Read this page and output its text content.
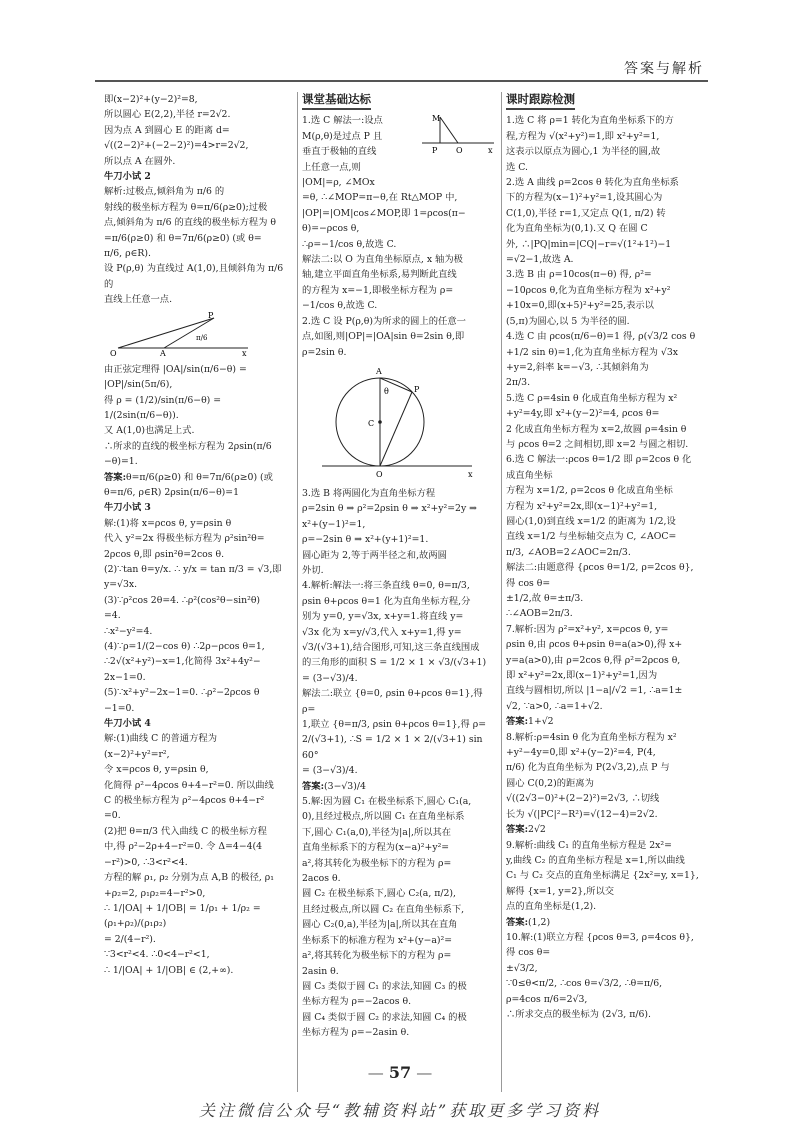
答案与解析

即(x−2)²+(y−2)²=8,

所以圆心 E(2,2),半径 r=2√2.

因为点 A 到圆心 E 的距离 d=

√((2−2)²+(−2−2)²)=4>r=2√2,

所以点 A 在圆外.

牛刀小试 2

解析:过极点,倾斜角为 π/6 的

射线的极坐标方程为 θ=π/6(ρ≥0);过极

点,倾斜角为 π/6 的直线的极坐标方程为 θ

=π/6(ρ≥0) 和 θ=7π/6(ρ≥0) (或 θ=

π/6, ρ∈R).

设 P(ρ,θ) 为直线过 A(1,0),且倾斜角为 π/6 的

直线上任意一点.

P
π/6
O	A	x

由正弦定理得 |OA|/sin(π/6−θ) = |OP|/sin(5π/6),

得 ρ = (1/2)/sin(π/6−θ) = 1/(2sin(π/6−θ)).

又 A(1,0)也满足上式.

∴所求的直线的极坐标方程为 2ρsin(π/6

−θ)=1.

答案:θ=π/6(ρ≥0) 和 θ=7π/6(ρ≥0) (或 θ=π/6, ρ∈R) 2ρsin(π/6−θ)=1

牛刀小试 3

解:(1)将 x=ρcos θ, y=ρsin θ

代入 y²=2x 得极坐标方程为 ρ²sin²θ=

2ρcos θ,即 ρsin²θ=2cos θ.

(2)∵tan θ=y/x. ∴ y/x = tan π/3 = √3,即

y=√3x.

(3)∵ρ²cos 2θ=4. ∴ρ²(cos²θ−sin²θ)

=4.

∴x²−y²=4.

(4)∵ρ=1/(2−cos θ) ∴2ρ−ρcos θ=1,

∴2√(x²+y²)−x=1,化简得 3x²+4y²−

2x−1=0.

(5)∵x²+y²−2x−1=0. ∴ρ²−2ρcos θ

−1=0.

牛刀小试 4

解:(1)曲线 C 的普通方程为

(x−2)²+y²=r²,

令 x=ρcos θ, y=ρsin θ,

化简得 ρ²−4ρcos θ+4−r²=0. 所以曲线

C 的极坐标方程为 ρ²−4ρcos θ+4−r²

=0.

(2)把 θ=π/3 代入曲线 C 的极坐标方程

中,得 ρ²−2ρ+4−r²=0. 令 Δ=4−4(4

−r²)>0, ∴3<r²<4.

方程的解 ρ₁, ρ₂ 分别为点 A,B 的极径, ρ₁

+ρ₂=2, ρ₁ρ₂=4−r²>0,

∴ 1/|OA| + 1/|OB| = 1/ρ₁ + 1/ρ₂ = (ρ₁+ρ₂)/(ρ₁ρ₂)

= 2/(4−r²).

∵3<r²<4. ∴0<4−r²<1,

∴ 1/|OA| + 1/|OB| ∈ (2,+∞).

课堂基础达标
M
P O	x

1.选 C 解法一:设点

M(ρ,θ)是过点 P 且

垂直于极轴的直线

上任意一点,则

|OM|=ρ, ∠MOx

=θ, ∴∠MOP=π−θ,在 Rt△MOP 中,

|OP|=|OM|cos∠MOP,即 1=ρcos(π−

θ)=−ρcos θ,

∴ρ=−1/cos θ,故选 C.

解法二:以 O 为直角坐标原点, x 轴为极

轴,建立平面直角坐标系,易判断此直线

的方程为 x=−1,即极坐标方程为 ρ=

−1/cos θ,故选 C.

2.选 C 设 P(ρ,θ)为所求的圆上的任意一

点,如图,则|OP|=|OA|sin θ=2sin θ,即

ρ=2sin θ.

A
P
θ
C
O	x

3.选 B 将两圆化为直角坐标方程

ρ=2sin θ ⇒ ρ²=2ρsin θ ⇒ x²+y²=2y ⇒

x²+(y−1)²=1,

ρ=−2sin θ ⇒ x²+(y+1)²=1.

圆心距为 2,等于两半径之和,故两圆

外切.

4.解析:解法一:将三条直线 θ=0, θ=π/3,

ρsin θ+ρcos θ=1 化为直角坐标方程,分

别为 y=0, y=√3x, x+y=1.将直线 y=

√3x 化为 x=y/√3,代入 x+y=1,得 y=

√3/(√3+1),结合图形,可知,这三条直线围成

的三角形的面积 S = 1/2 × 1 × √3/(√3+1)

= (3−√3)/4.

解法二:联立 {θ=0, ρsin θ+ρcos θ=1},得 ρ=

1,联立 {θ=π/3, ρsin θ+ρcos θ=1},得 ρ=

2/(√3+1), ∴S = 1/2 × 1 × 2/(√3+1) sin 60°

= (3−√3)/4.

答案:(3−√3)/4

5.解:因为圆 C₁ 在极坐标系下,圆心 C₁(a,

0),且经过极点,所以圆 C₁ 在直角坐标系

下,圆心 C₁(a,0),半径为|a|,所以其在

直角坐标系下的方程为(x−a)²+y²=

a²,将其转化为极坐标下的方程为 ρ=

2acos θ.

圆 C₂ 在极坐标系下,圆心 C₂(a, π/2),

且经过极点,所以圆 C₂ 在直角坐标系下,

圆心 C₂(0,a),半径为|a|,所以其在直角

坐标系下的标准方程为 x²+(y−a)²=

a²,将其转化为极坐标下的方程为 ρ=

2asin θ.

圆 C₃ 类似于圆 C₁ 的求法,知圆 C₃ 的极

坐标方程为 ρ=−2acos θ.

圆 C₄ 类似于圆 C₂ 的求法,知圆 C₄ 的极

坐标方程为 ρ=−2asin θ.

课时跟踪检测

1.选 C 将 ρ=1 转化为直角坐标系下的方

程,方程为 √(x²+y²)=1,即 x²+y²=1,

这表示以原点为圆心,1 为半径的圆,故

选 C.

2.选 A 曲线 ρ=2cos θ 转化为直角坐标系

下的方程为(x−1)²+y²=1,设其圆心为

C(1,0),半径 r=1,又定点 Q(1, π/2) 转

化为直角坐标为(0,1).又 Q 在圆 C

外, ∴|PQ|min=|CQ|−r=√(1²+1²)−1

=√2−1,故选 A.

3.选 B 由 ρ=10cos(π−θ) 得, ρ²=

−10ρcos θ,化为直角坐标方程为 x²+y²

+10x=0,即(x+5)²+y²=25,表示以

(5,π)为圆心,以 5 为半径的圆.

4.选 C 由 ρcos(π/6−θ)=1 得, ρ(√3/2 cos θ

+1/2 sin θ)=1,化为直角坐标方程为 √3x

+y=2,斜率 k=−√3, ∴其倾斜角为

2π/3.

5.选 C ρ=4sin θ 化成直角坐标方程为 x²

+y²=4y,即 x²+(y−2)²=4, ρcos θ=

2 化成直角坐标方程为 x=2,故圆 ρ=4sin θ

与 ρcos θ=2 之间相切,即 x=2 与圆之相切.

6.选 C 解法一:ρcos θ=1/2 即 ρ=2cos θ 化成直角坐标

方程为 x=1/2, ρ=2cos θ 化成直角坐标

方程为 x²+y²=2x,即(x−1)²+y²=1,

圆心(1,0)到直线 x=1/2 的距离为 1/2,设

直线 x=1/2 与坐标轴交点为 C, ∠AOC=

π/3, ∠AOB=2∠AOC=2π/3.

解法二:由题意得 {ρcos θ=1/2, ρ=2cos θ},得 cos θ=

±1/2,故 θ=±π/3.

∴∠AOB=2π/3.

7.解析:因为 ρ²=x²+y², x=ρcos θ, y=

ρsin θ,由 ρcos θ+ρsin θ=a(a>0),得 x+

y=a(a>0),由 ρ=2cos θ,得 ρ²=2ρcos θ,

即 x²+y²=2x,即(x−1)²+y²=1,因为

直线与圆相切,所以 |1−a|/√2 =1, ∴a=1±

√2, ∵a>0, ∴a=1+√2.

答案:1+√2

8.解析:ρ=4sin θ 化为直角坐标方程为 x²

+y²−4y=0,即 x²+(y−2)²=4, P(4,

π/6) 化为直角坐标为 P(2√3,2),点 P 与

圆心 C(0,2)的距离为

√((2√3−0)²+(2−2)²)=2√3, ∴切线

长为 √(|PC|²−R²)=√(12−4)=2√2.

答案:2√2

9.解析:曲线 C₁ 的直角坐标方程是 2x²=

y,曲线 C₂ 的直角坐标方程是 x=1,所以曲线

C₁ 与 C₂ 交点的直角坐标满足 {2x²=y, x=1},解得 {x=1, y=2},所以交

点的直角坐标是(1,2).

答案:(1,2)

10.解:(1)联立方程 {ρcos θ=3, ρ=4cos θ},得 cos θ=

±√3/2,

∵0≤θ<π/2, ∴cos θ=√3/2, ∴θ=π/6,

ρ=4cos π/6=2√3,

∴所求交点的极坐标为 (2√3, π/6).

— 57 —
关注微信公众号“教辅资料站”获取更多学习资料
